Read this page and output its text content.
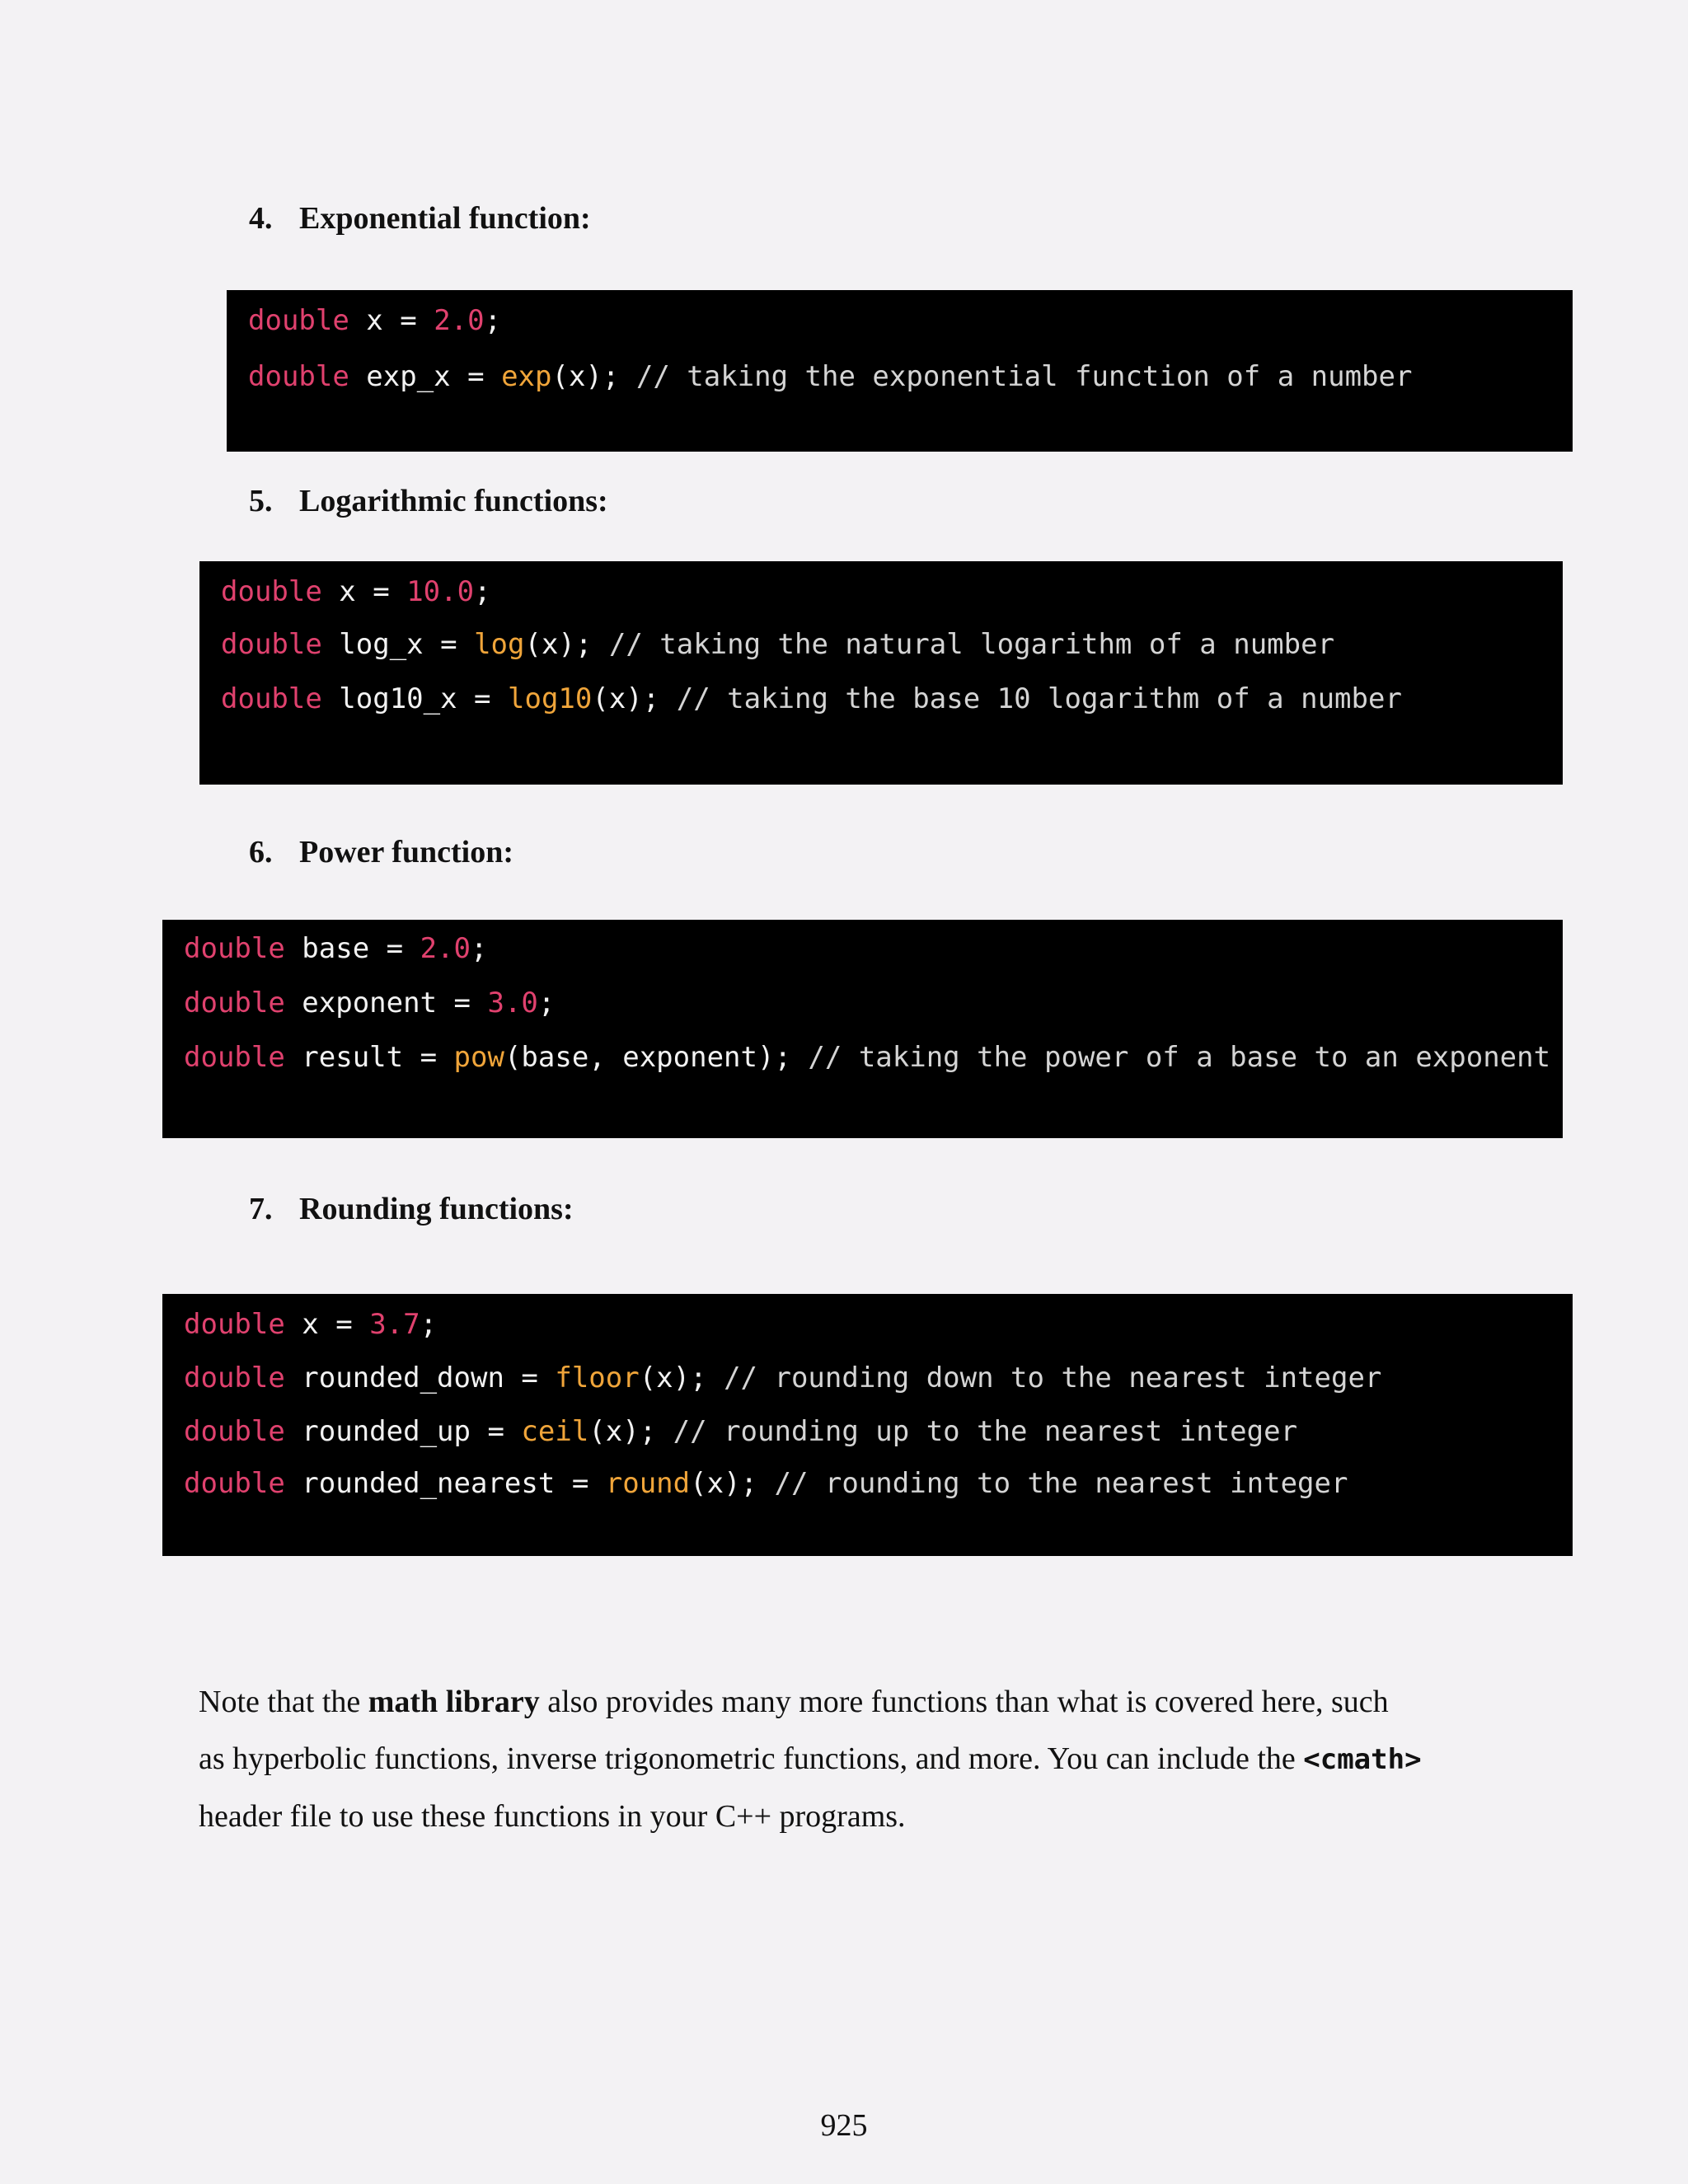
4. Exponential function:

double x = 2.0;

double exp_x = exp(x); // taking the exponential function of a number

5. Logarithmic functions:

double x = 10.0;

double log_x = log(x); // taking the natural logarithm of a number

double log10_x = log10(x); // taking the base 10 logarithm of a number

6. Power function:

double base = 2.0;

double exponent = 3.0;

double result = pow(base, exponent); // taking the power of a base to an exponent

7. Rounding functions:

double x = 3.7;

double rounded_down = floor(x); // rounding down to the nearest integer

double rounded_up = ceil(x); // rounding up to the nearest integer

double rounded_nearest = round(x); // rounding to the nearest integer

Note that the math library also provides many more functions than what is covered here, such
as hyperbolic functions, inverse trigonometric functions, and more. You can include the <cmath>
header file to use these functions in your C++ programs.
925
